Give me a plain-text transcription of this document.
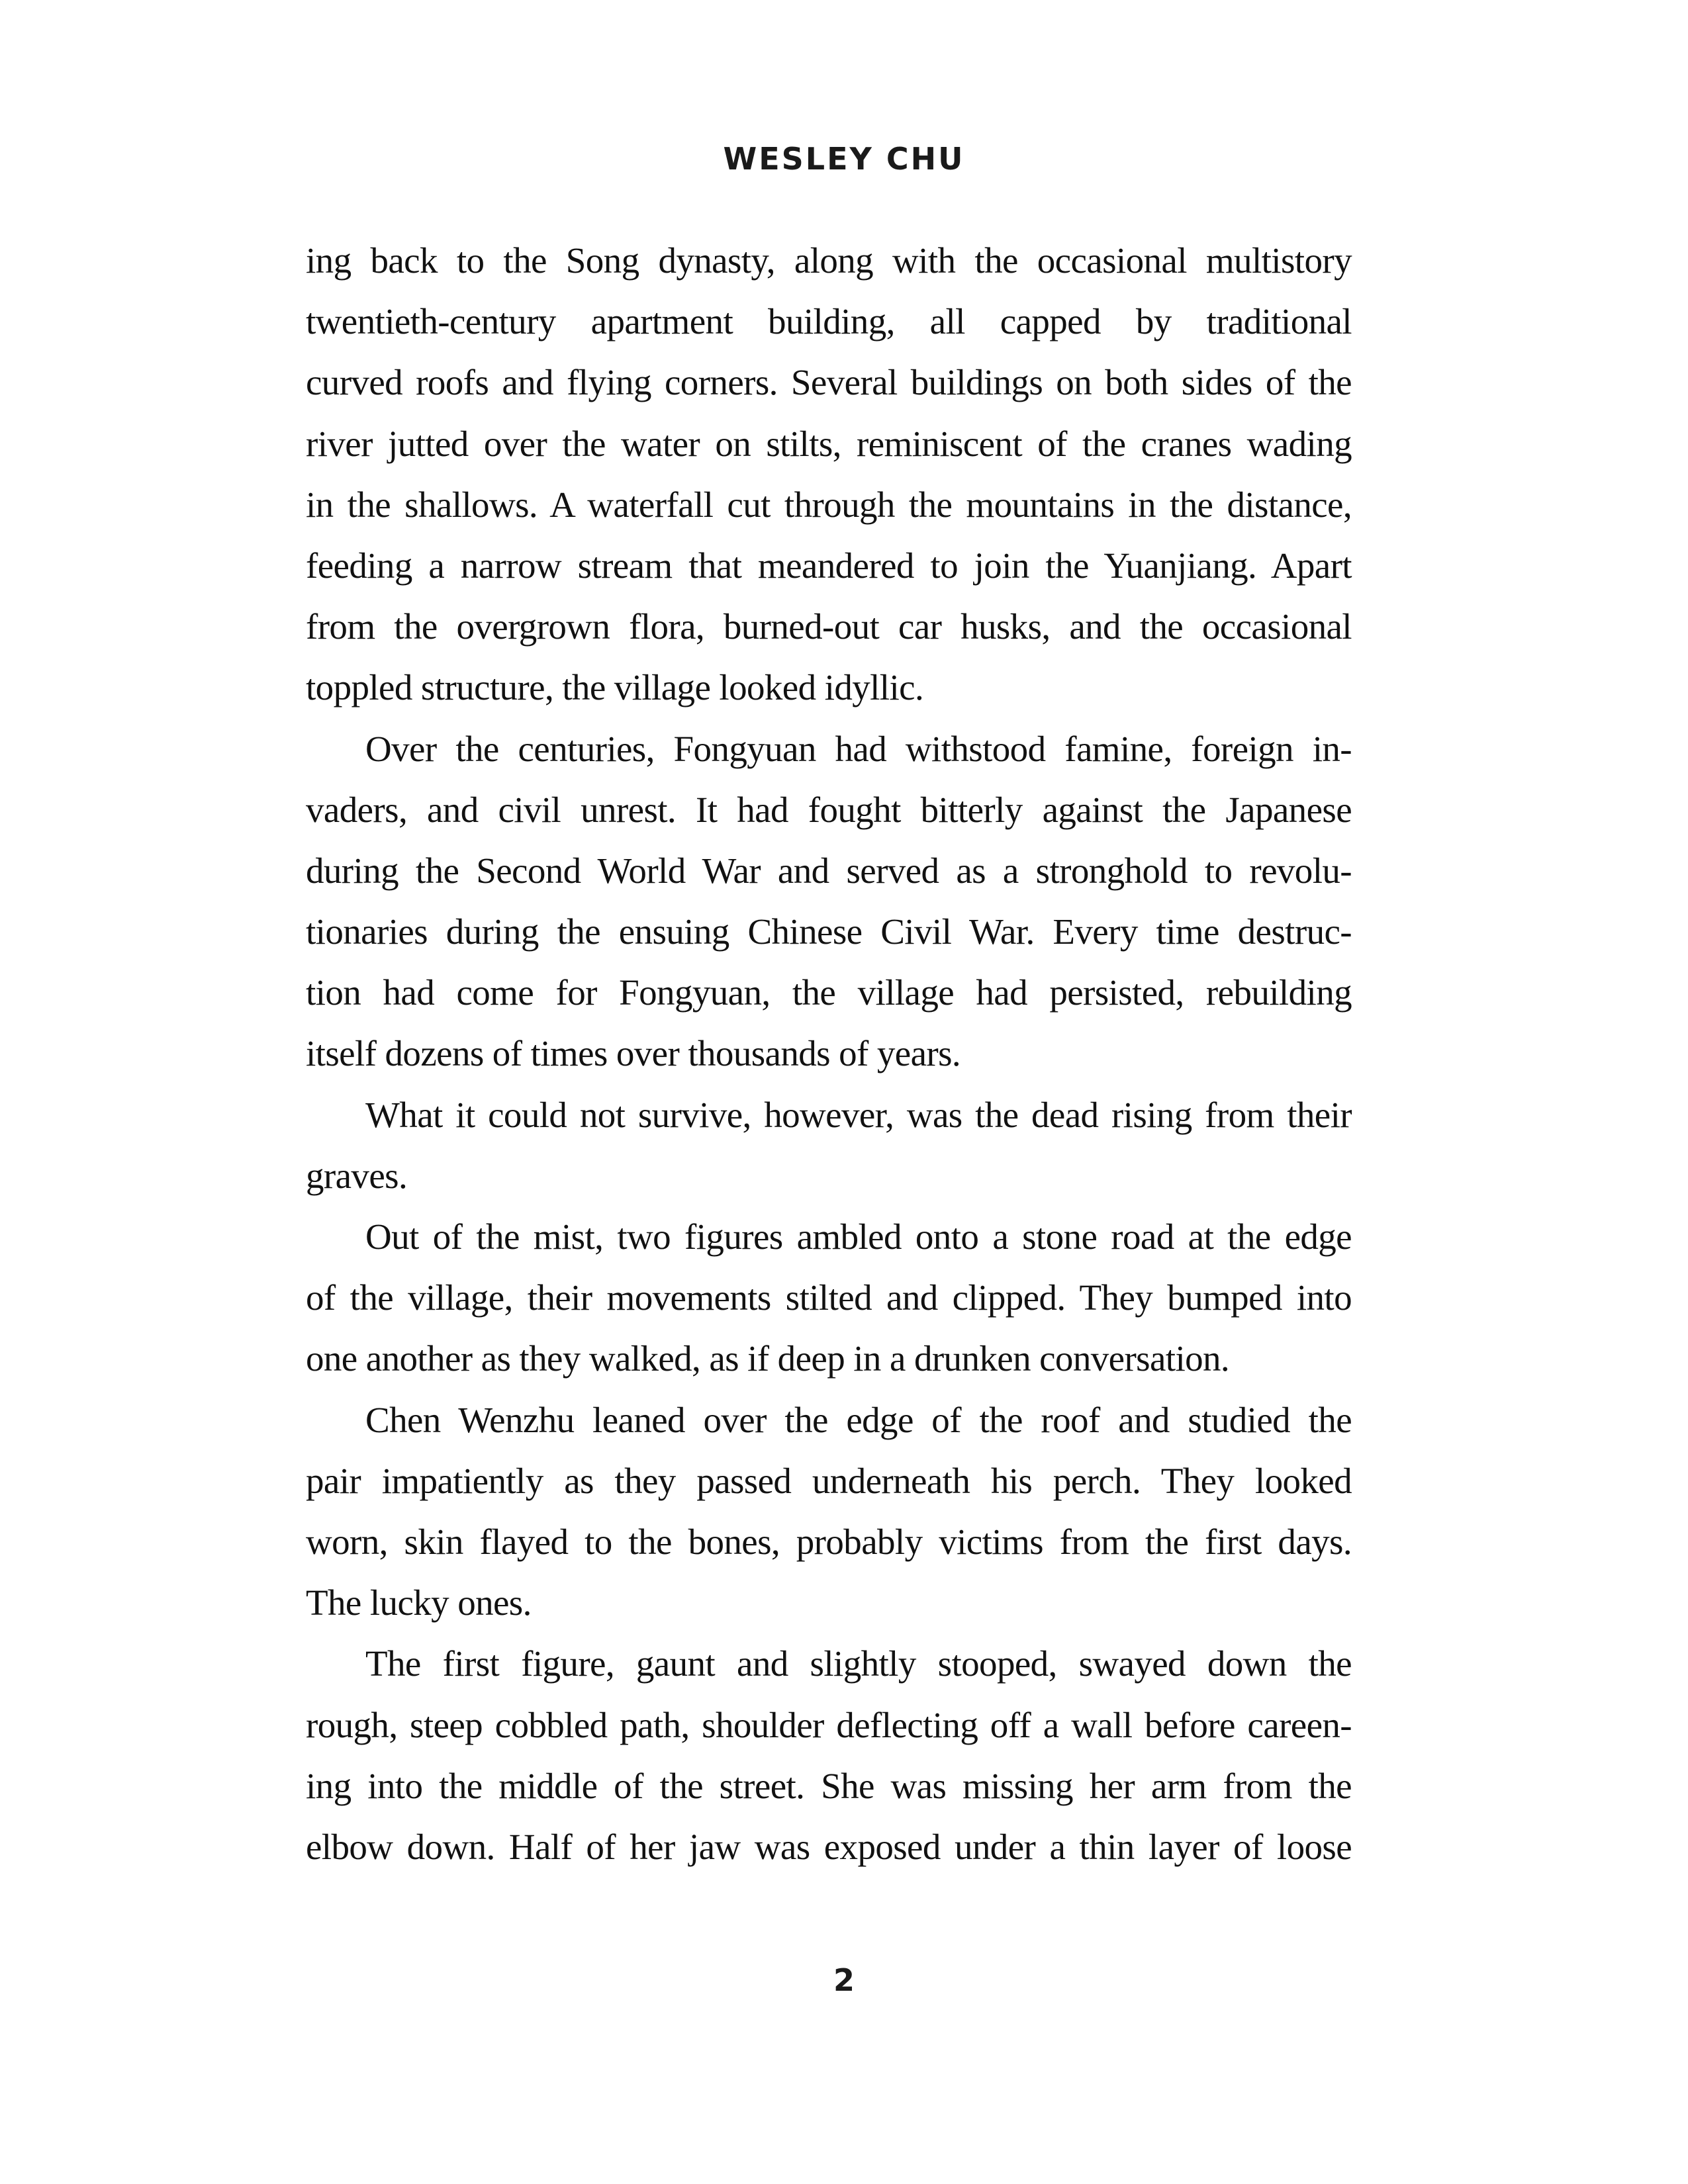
WESLEY CHU
ing back to the Song dynasty, along with the occasional multistory
twentieth-century apartment building, all capped by traditional
curved roofs and flying corners. Several buildings on both sides of the
river jutted over the water on stilts, reminiscent of the cranes wading
in the shallows. A waterfall cut through the mountains in the distance,
feeding a narrow stream that meandered to join the Yuanjiang. Apart
from the overgrown flora, burned-out car husks, and the occasional
toppled structure, the village looked idyllic.
Over the centuries, Fongyuan had withstood famine, foreign in-
vaders, and civil unrest. It had fought bitterly against the Japanese
during the Second World War and served as a stronghold to revolu-
tionaries during the ensuing Chinese Civil War. Every time destruc-
tion had come for Fongyuan, the village had persisted, rebuilding
itself dozens of times over thousands of years.
What it could not survive, however, was the dead rising from their
graves.
Out of the mist, two figures ambled onto a stone road at the edge
of the village, their movements stilted and clipped. They bumped into
one another as they walked, as if deep in a drunken conversation.
Chen Wenzhu leaned over the edge of the roof and studied the
pair impatiently as they passed underneath his perch. They looked
worn, skin flayed to the bones, probably victims from the first days.
The lucky ones.
The first figure, gaunt and slightly stooped, swayed down the
rough, steep cobbled path, shoulder deflecting off a wall before careen-
ing into the middle of the street. She was missing her arm from the
elbow down. Half of her jaw was exposed under a thin layer of loose
2
